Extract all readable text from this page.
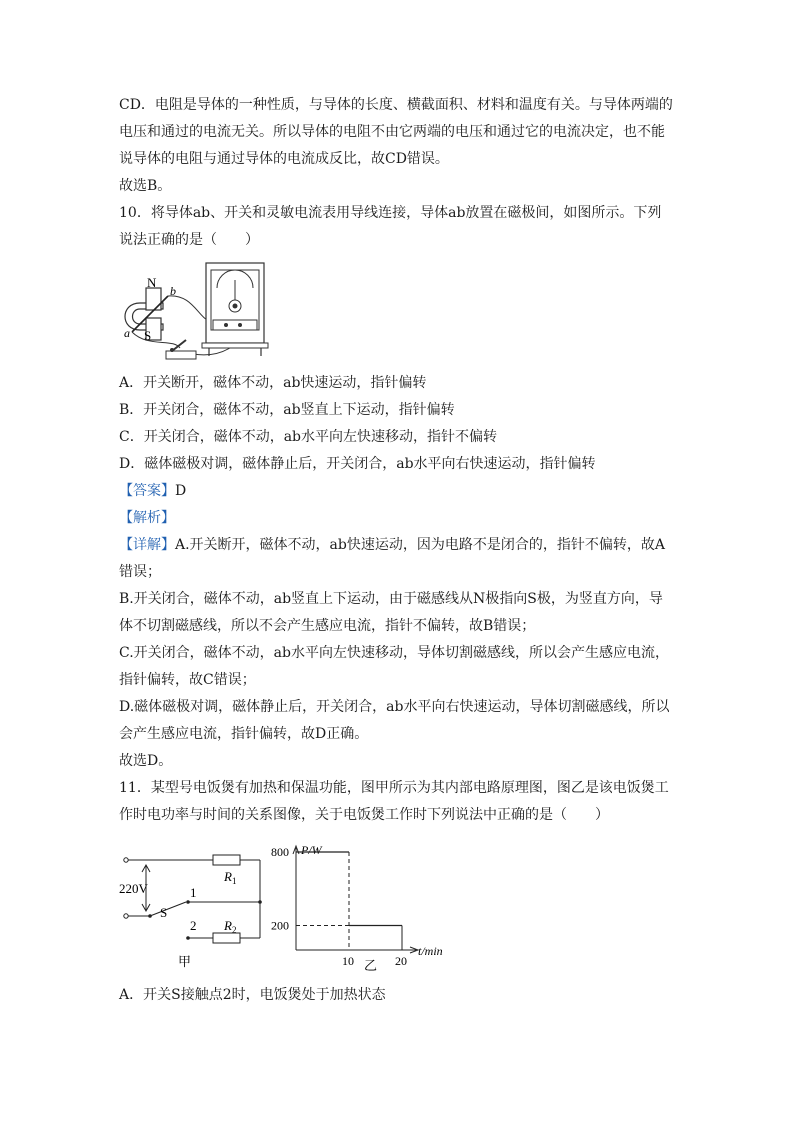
CD．电阻是导体的一种性质，与导体的长度、横截面积、材料和温度有关。与导体两端的
电压和通过的电流无关。所以导体的电阻不由它两端的电压和通过它的电流决定，也不能
说导体的电阻与通过导体的电流成反比，故CD错误。
故选B。
10．将导体ab、开关和灵敏电流表用导线连接，导体ab放置在磁极间，如图所示。下列
说法正确的是（　　）
N
S
b
a
A．开关断开，磁体不动，ab快速运动，指针偏转
B．开关闭合，磁体不动，ab竖直上下运动，指针偏转
C．开关闭合，磁体不动，ab水平向左快速移动，指针不偏转
D．磁体磁极对调，磁体静止后，开关闭合，ab水平向右快速运动，指针偏转
【答案】D
【解析】
【详解】A.开关断开，磁体不动，ab快速运动，因为电路不是闭合的，指针不偏转，故A
错误；
B.开关闭合，磁体不动，ab竖直上下运动，由于磁感线从N极指向S极，为竖直方向，导
体不切割磁感线，所以不会产生感应电流，指针不偏转，故B错误；
C.开关闭合，磁体不动，ab水平向左快速移动，导体切割磁感线，所以会产生感应电流，
指针偏转，故C错误；
D.磁体磁极对调，磁体静止后，开关闭合，ab水平向右快速运动，导体切割磁感线，所以
会产生感应电流，指针偏转，故D正确。
故选D。
11．某型号电饭煲有加热和保温功能，图甲所示为其内部电路原理图，图乙是该电饭煲工
作时电功率与时间的关系图像，关于电饭煲工作时下列说法中正确的是（　　）
220V
S
1
2
$R_1$
$R_2$
甲
P/W
t/min
乙
200
800
10	20
A．开关S接触点2时，电饭煲处于加热状态
